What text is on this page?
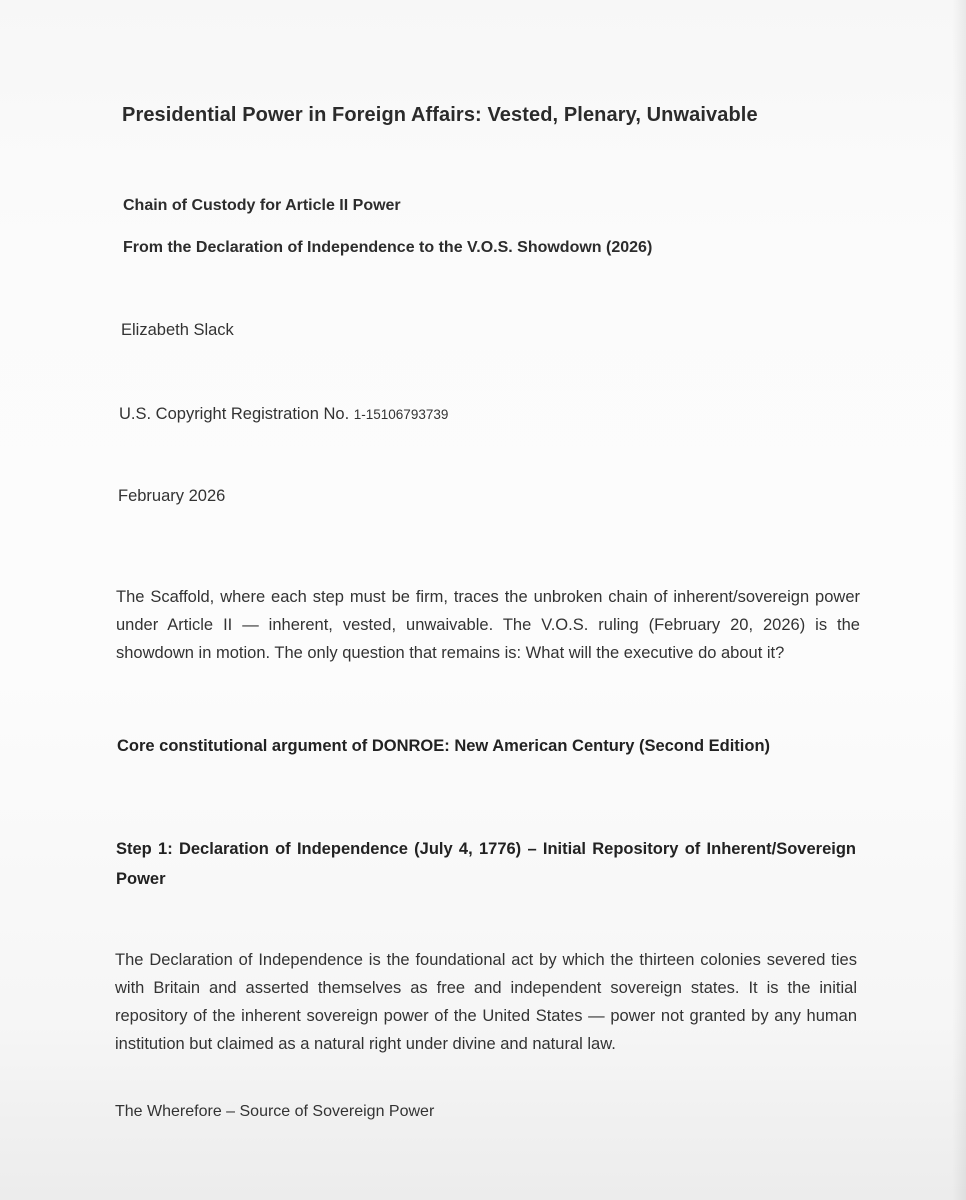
Presidential Power in Foreign Affairs: Vested, Plenary, Unwaivable

Chain of Custody for Article II Power

From the Declaration of Independence to the V.O.S. Showdown (2026)

Elizabeth Slack

U.S. Copyright Registration No. 1-15106793739

February 2026

The Scaffold, where each step must be firm, traces the unbroken chain of inherent/sovereign power under Article II — inherent, vested, unwaivable. The V.O.S. ruling (February 20, 2026) is the showdown in motion. The only question that remains is: What will the executive do about it?

Core constitutional argument of DONROE: New American Century (Second Edition)

Step 1: Declaration of Independence (July 4, 1776) – Initial Repository of Inherent/Sovereign Power

The Declaration of Independence is the foundational act by which the thirteen colonies severed ties with Britain and asserted themselves as free and independent sovereign states. It is the initial repository of the inherent sovereign power of the United States — power not granted by any human institution but claimed as a natural right under divine and natural law.

The Wherefore – Source of Sovereign Power
